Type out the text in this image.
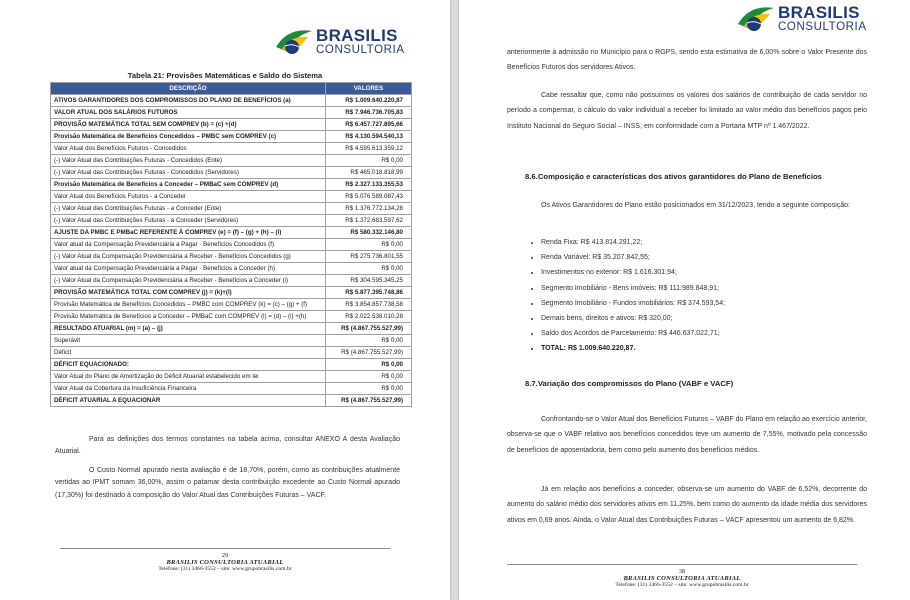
BRASILIS
CONSULTORIA
Tabela 21: Provisões Matemáticas e Saldo do Sistema
DESCRIÇÃO	VALORES
ATIVOS GARANTIDORES DOS COMPROMISSOS DO PLANO DE BENEFÍCIOS (a)	R$ 1.009.640.220,87
VALOR ATUAL DOS SALÁRIOS FUTUROS	R$ 7.946.736.705,83
PROVISÃO MATEMÁTICA TOTAL SEM COMPREV (b) = (c) +(d)	R$ 6.457.727.895,66
Provisão Matemática de Benefícios Concedidos – PMBC sem COMPREV (c)	R$ 4.130.594.540,13
Valor Atual dos Benefícios Futuros - Concedidos	R$ 4.595.613.359,12
(-) Valor Atual das Contribuições Futuras - Concedidos (Ente)	R$ 0,00
(-) Valor Atual das Contribuições Futuras - Concedidos (Servidores)	R$ 465.018.818,99
Provisão Matemática de Benefícios a Conceder – PMBaC sem COMPREV (d)	R$ 2.327.133.355,53
Valor Atual dos Benefícios Futuros - a Conceder	R$ 5.076.589.087,43
(-) Valor Atual das Contribuições Futuras - a Conceder (Ente)	R$ 1.376.772.134,28
(-) Valor Atual das Contribuições Futuras - a Conceder (Servidores)	R$ 1.372.683.597,62
AJUSTE DA PMBC E PMBaC REFERENTE À COMPREV (e) = (f) – (g) + (h) – (i)	R$ 580.332.146,80
Valor atual da Compensação Previdenciária a Pagar - Benefícios Concedidos (f)	R$ 0,00
(-) Valor Atual da Compensação Previdenciária a Receber - Benefícios Concedidos (g)	R$ 275.736.801,55
Valor atual da Compensação Previdenciária a Pagar - Benefícios a Conceder (h)	R$ 0,00
(-) Valor Atual da Compensação Previdenciária a Receber - Benefícios a Conceder (i)	R$ 304.595.345,25
PROVISÃO MATEMÁTICA TOTAL COM COMPREV (j) = (k)+(l)	R$ 5.877.395.748,86
Provisão Matemática de Benefícios Concedidos – PMBC com COMPREV (k) = (c) – (g) + (f)	R$ 3.854.857.738,58
Provisão Matemática de Benefícios a Conceder – PMBaC com COMPREV (l) = (d) – (i) +(h)	R$ 2.022.538.010,28
RESULTADO ATUARIAL (m) = (a) – (j)	R$ (4.867.755.527,99)
Superávit	R$ 0,00
Déficit	R$ (4.867.755.527,99)
DÉFICIT EQUACIONADO:	R$ 0,00
Valor Atual do Plano de Amortização do Déficit Atuarial estabelecido em lei	R$ 0,00
Valor Atual da Cobertura da Insuficiência Financeira	R$ 0,00
DÉFICIT ATUARIAL A EQUACIONAR	R$ (4.867.755.527,99)

Para as definições dos termos constantes na tabela acima, consultar ANEXO A desta Avaliação Atuarial.

O Custo Normal apurado nesta avaliação é de 18,70%, porém, como as contribuições atualmente vertidas ao IPMT somam 36,00%, assim o patamar desta contribuição excedente ao Custo Normal apurado (17,30%) foi destinado à composição do Valor Atual das Contribuições Futuras – VACF.

29
BRASILIS CONSULTORIA ATUARIAL
Telefone: (31) 3466-3552 – site: www.grupobrasilis.com.br
BRASILIS
CONSULTORIA

anteriormente à admissão no Município para o RGPS, sendo esta estimativa de 6,00% sobre o Valor Presente dos Benefícios Futuros dos servidores Ativos.

Cabe ressaltar que, como não possuímos os valores dos salários de contribuição de cada servidor no período a compensar, o cálculo do valor individual a receber foi limitado ao valor médio dos benefícios pagos pelo Instituto Nacional do Seguro Social – INSS, em conformidade com a Portaria MTP nº 1.467/2022.

8.6.Composição e características dos ativos garantidores do Plano de Benefícios

Os Ativos Garantidores do Plano estão posicionados em 31/12/2023, tendo a seguinte composição:

• Renda Fixa: R$ 413.814.291,22;
• Renda Variável: R$ 35.207.842,55;
• Investimentos no exterior: R$ 1.616.301,94;
• Segmento Imobiliário - Bens imóveis: R$ 111.989.848,91;
• Segmento Imobiliário - Fundos imobiliários: R$ 374.593,54;
• Demais bens, direitos e ativos: R$ 320,00;
• Saldo dos Acordos de Parcelamento: R$ 446.637.022,71;
• TOTAL: R$ 1.009.640.220,87.
8.7.Variação dos compromissos do Plano (VABF e VACF)

Confrontando-se o Valor Atual dos Benefícios Futuros – VABF do Plano em relação ao exercício anterior, observa-se que o VABF relativo aos benefícios concedidos teve um aumento de 7,55%, motivado pela concessão de benefícios de aposentadoria, bem como pelo aumento dos benefícios médios.

Já em relação aos benefícios a conceder, observa-se um aumento do VABF de 6,52%, decorrente do aumento do salário médio dos servidores ativos em 11,25%, bem como do aumento da idade média dos servidores ativos em 0,69 anos. Ainda, o Valor Atual das Contribuições Futuras – VACF apresentou um aumento de 6,82%.

38
BRASILIS CONSULTORIA ATUARIAL
Telefone: (31) 3466-3552 – site: www.grupobrasilis.com.br
